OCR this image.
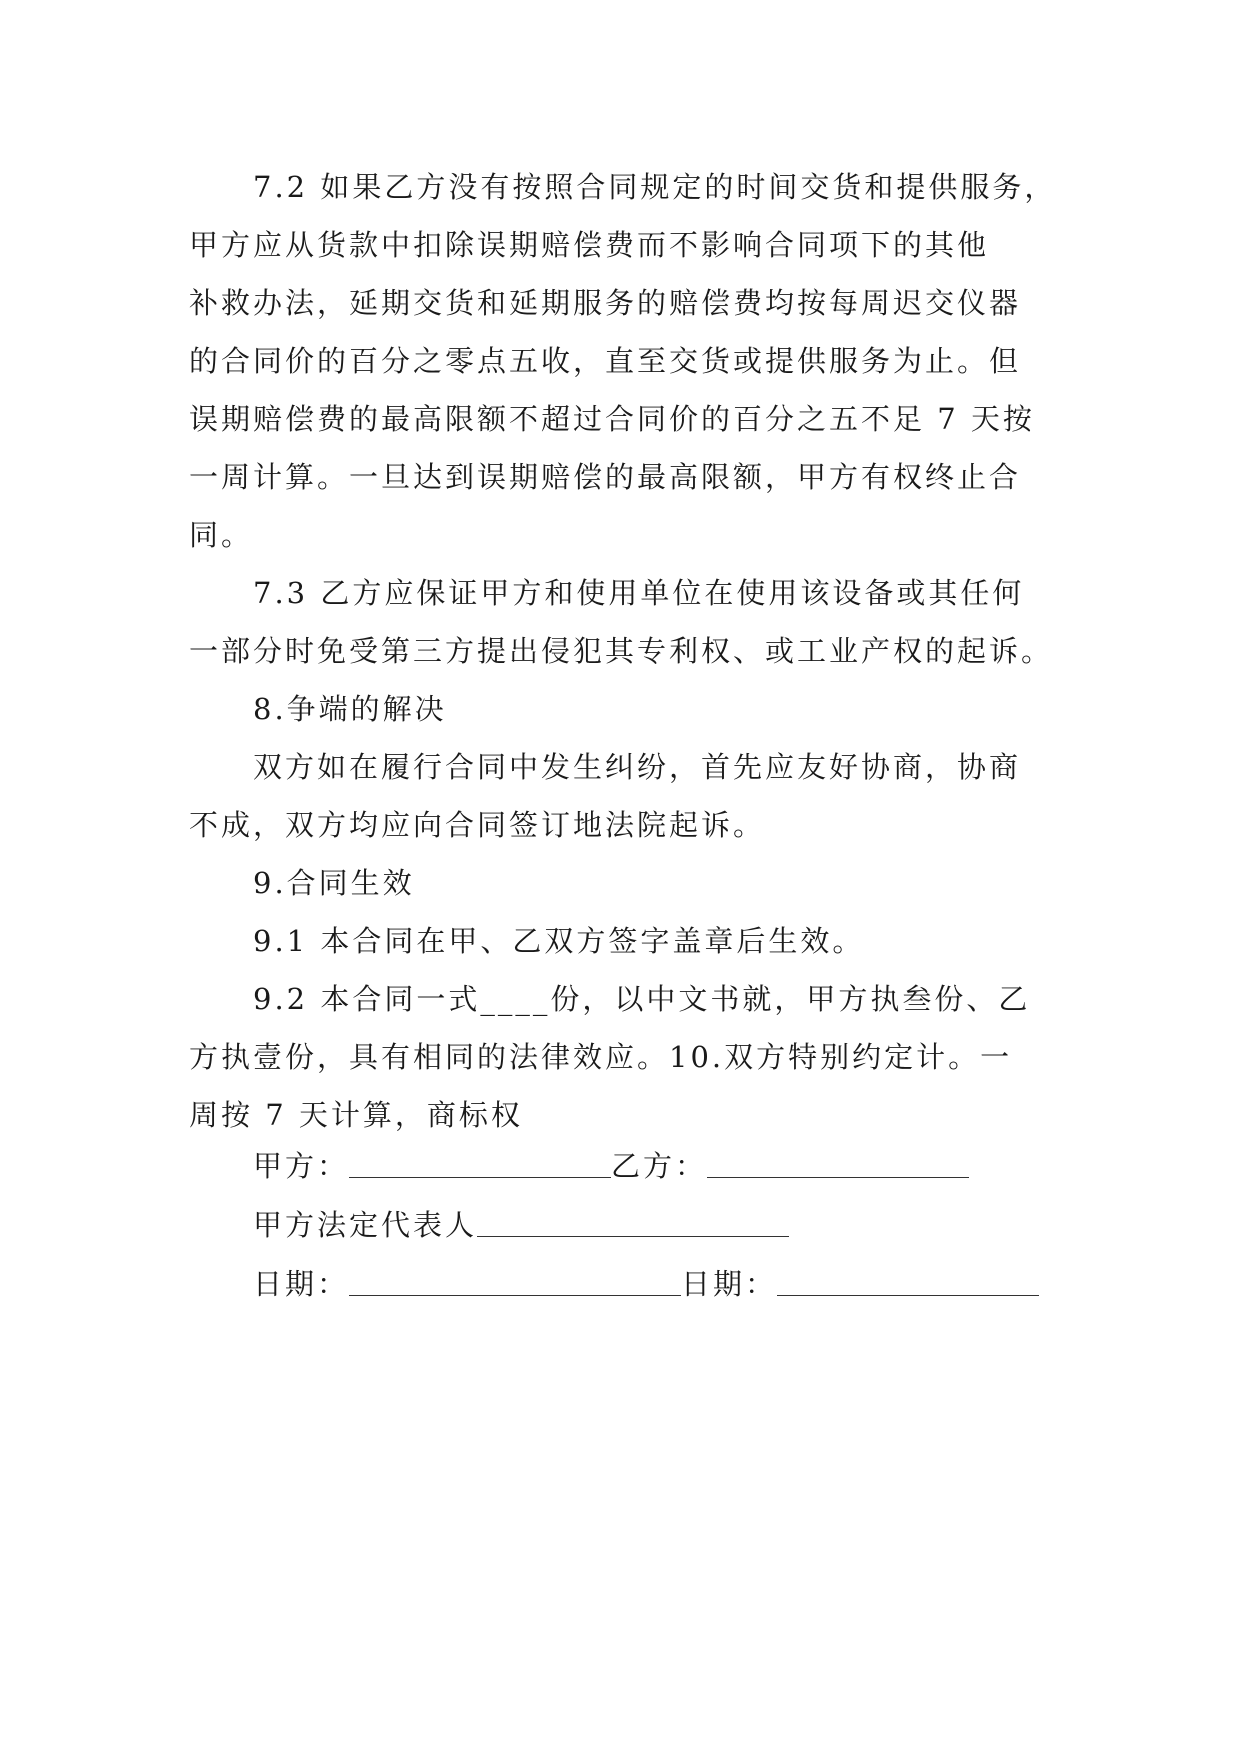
7.2 如果乙方没有按照合同规定的时间交货和提供服务，
甲方应从货款中扣除误期赔偿费而不影响合同项下的其他
补救办法，延期交货和延期服务的赔偿费均按每周迟交仪器
的合同价的百分之零点五收，直至交货或提供服务为止。但
误期赔偿费的最高限额不超过合同价的百分之五不足 7 天按
一周计算。一旦达到误期赔偿的最高限额，甲方有权终止合
同。

7.3 乙方应保证甲方和使用单位在使用该设备或其任何
一部分时免受第三方提出侵犯其专利权、或工业产权的起诉。

8.争端的解决

双方如在履行合同中发生纠纷，首先应友好协商，协商
不成，双方均应向合同签订地法院起诉。

9.合同生效

9.1 本合同在甲、乙双方签字盖章后生效。

9.2 本合同一式____份，以中文书就，甲方执叁份、乙
方执壹份，具有相同的法律效应。10.双方特别约定计。一
周按 7 天计算，商标权

甲方：	乙方：
甲方法定代表人
日期：	日期：
